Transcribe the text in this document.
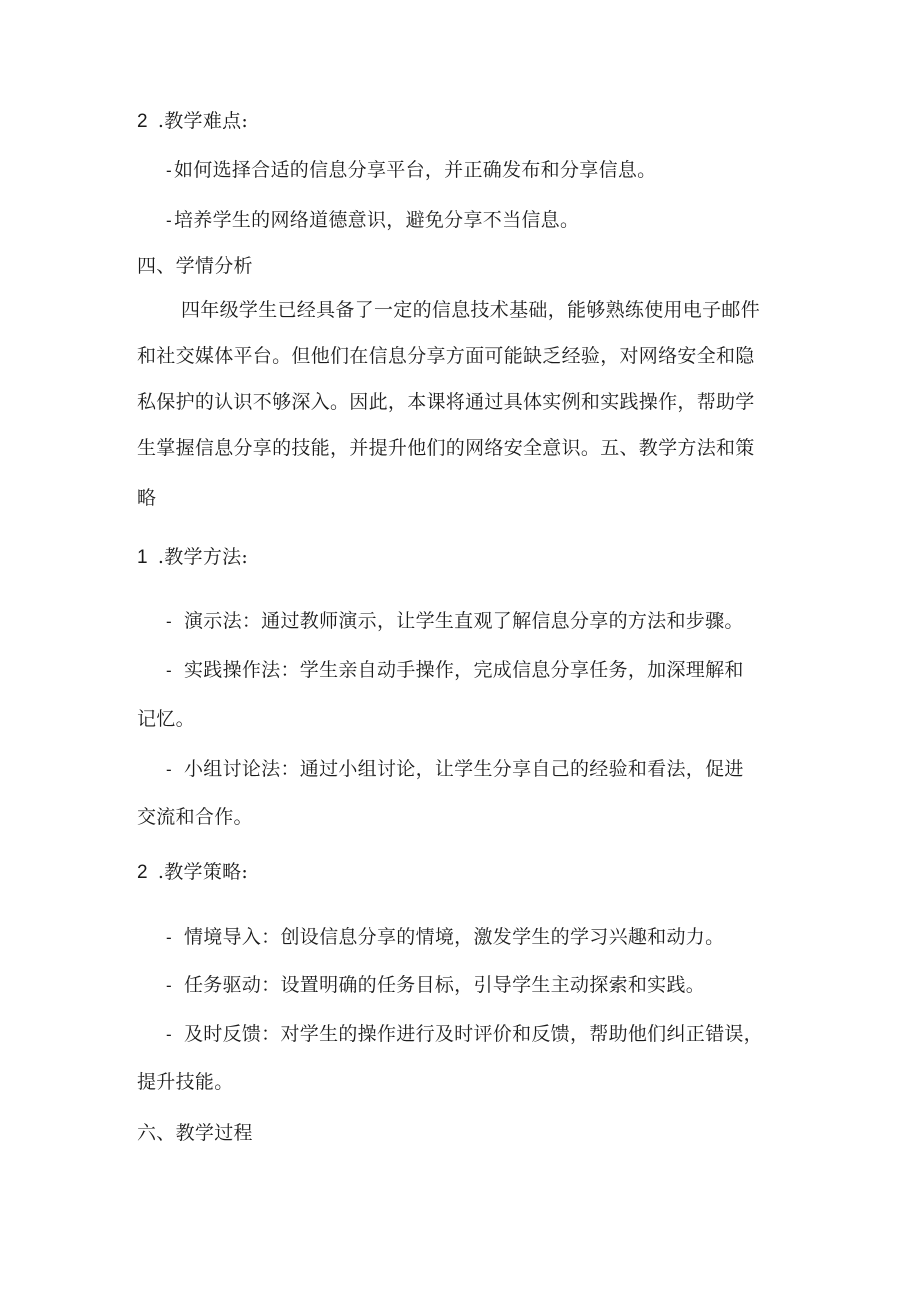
2 .教学难点:
- 如何选择合适的信息分享平台，并正确发布和分享信息。
- 培养学生的网络道德意识，避免分享不当信息。
四、学情分析
四年级学生已经具备了一定的信息技术基础，能够熟练使用电子邮件
和社交媒体平台。但他们在信息分享方面可能缺乏经验，对网络安全和隐
私保护的认识不够深入。因此，本课将通过具体实例和实践操作，帮助学
生掌握信息分享的技能，并提升他们的网络安全意识。五、教学方法和策
略
1 .教学方法:
- 演示法：通过教师演示，让学生直观了解信息分享的方法和步骤。
- 实践操作法：学生亲自动手操作，完成信息分享任务，加深理解和
记忆。
- 小组讨论法：通过小组讨论，让学生分享自己的经验和看法，促进
交流和合作。
2 .教学策略:
- 情境导入：创设信息分享的情境，激发学生的学习兴趣和动力。
- 任务驱动：设置明确的任务目标，引导学生主动探索和实践。
- 及时反馈：对学生的操作进行及时评价和反馈，帮助他们纠正错误，
提升技能。
六、教学过程
